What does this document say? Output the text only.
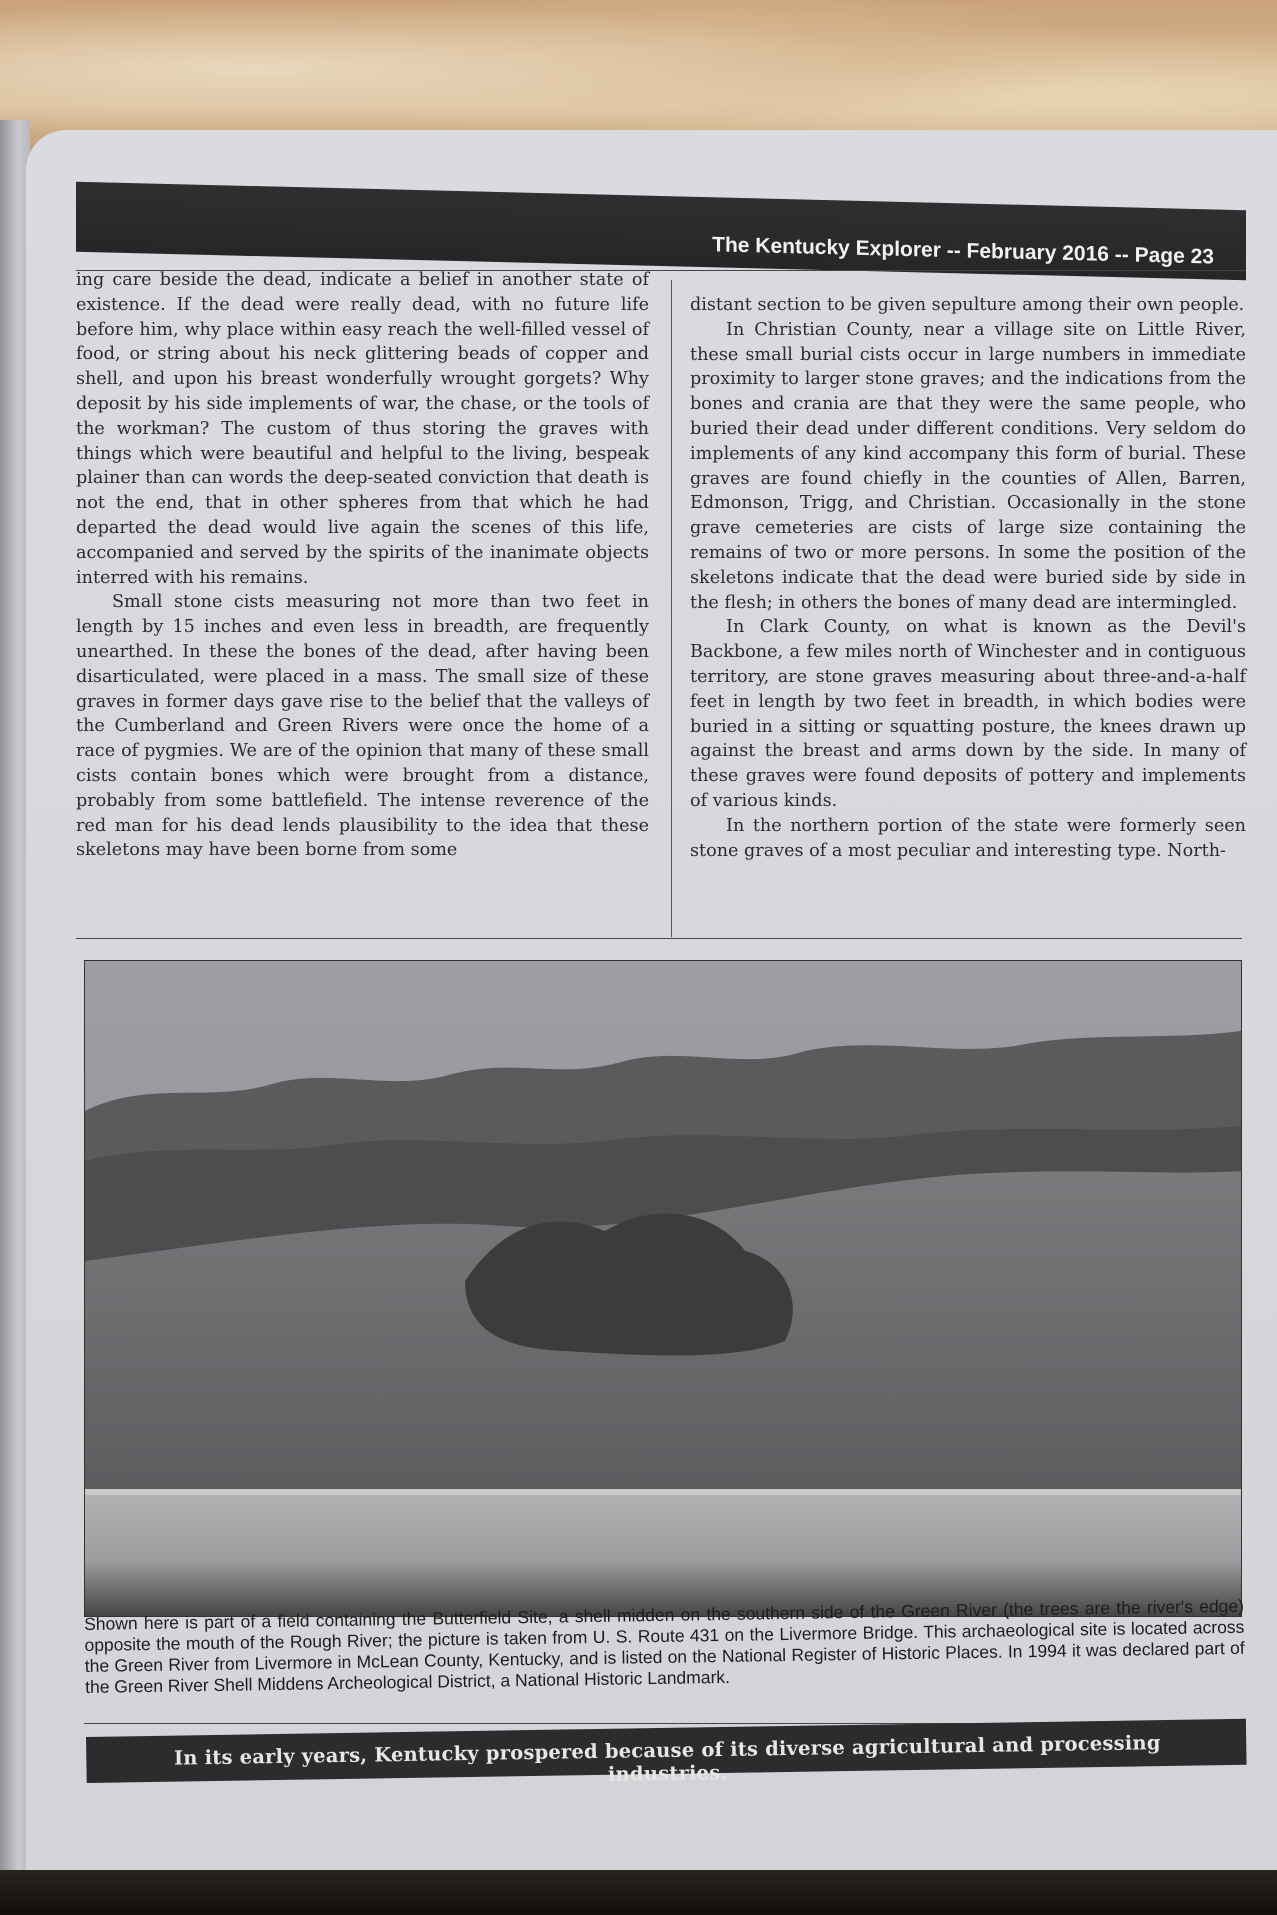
The Kentucky Explorer -- February 2016 -- Page 23

ing care beside the dead, indicate a belief in another state of existence. If the dead were really dead, with no future life before him, why place within easy reach the well-filled vessel of food, or string about his neck glittering beads of copper and shell, and upon his breast wonderfully wrought gorgets? Why deposit by his side implements of war, the chase, or the tools of the workman? The custom of thus storing the graves with things which were beautiful and helpful to the living, bespeak plainer than can words the deep-seated conviction that death is not the end, that in other spheres from that which he had departed the dead would live again the scenes of this life, accompanied and served by the spirits of the inanimate objects interred with his remains.

Small stone cists measuring not more than two feet in length by 15 inches and even less in breadth, are frequently unearthed. In these the bones of the dead, after having been disarticulated, were placed in a mass. The small size of these graves in former days gave rise to the belief that the valleys of the Cumberland and Green Rivers were once the home of a race of pygmies. We are of the opinion that many of these small cists contain bones which were brought from a distance, probably from some battlefield. The intense reverence of the red man for his dead lends plausibility to the idea that these skeletons may have been borne from some

distant section to be given sepulture among their own people.

In Christian County, near a village site on Little River, these small burial cists occur in large numbers in immediate proximity to larger stone graves; and the indications from the bones and crania are that they were the same people, who buried their dead under different conditions. Very seldom do implements of any kind accompany this form of burial. These graves are found chiefly in the counties of Allen, Barren, Edmonson, Trigg, and Christian. Occasionally in the stone grave cemeteries are cists of large size containing the remains of two or more persons. In some the position of the skeletons indicate that the dead were buried side by side in the flesh; in others the bones of many dead are intermingled.

In Clark County, on what is known as the Devil's Backbone, a few miles north of Winchester and in contiguous territory, are stone graves measuring about three-and-a-half feet in length by two feet in breadth, in which bodies were buried in a sitting or squatting posture, the knees drawn up against the breast and arms down by the side. In many of these graves were found deposits of pottery and implements of various kinds.

In the northern portion of the state were formerly seen stone graves of a most peculiar and interesting type. North-

Shown here is part of a field containing the Butterfield Site, a shell midden on the southern side of the Green River (the trees are the river's edge) opposite the mouth of the Rough River; the picture is taken from U. S. Route 431 on the Livermore Bridge. This archaeological site is located across the Green River from Livermore in McLean County, Kentucky, and is listed on the National Register of Historic Places. In 1994 it was declared part of the Green River Shell Middens Archeological District, a National Historic Landmark.
In its early years, Kentucky prospered because of its diverse agricultural and processing industries.
